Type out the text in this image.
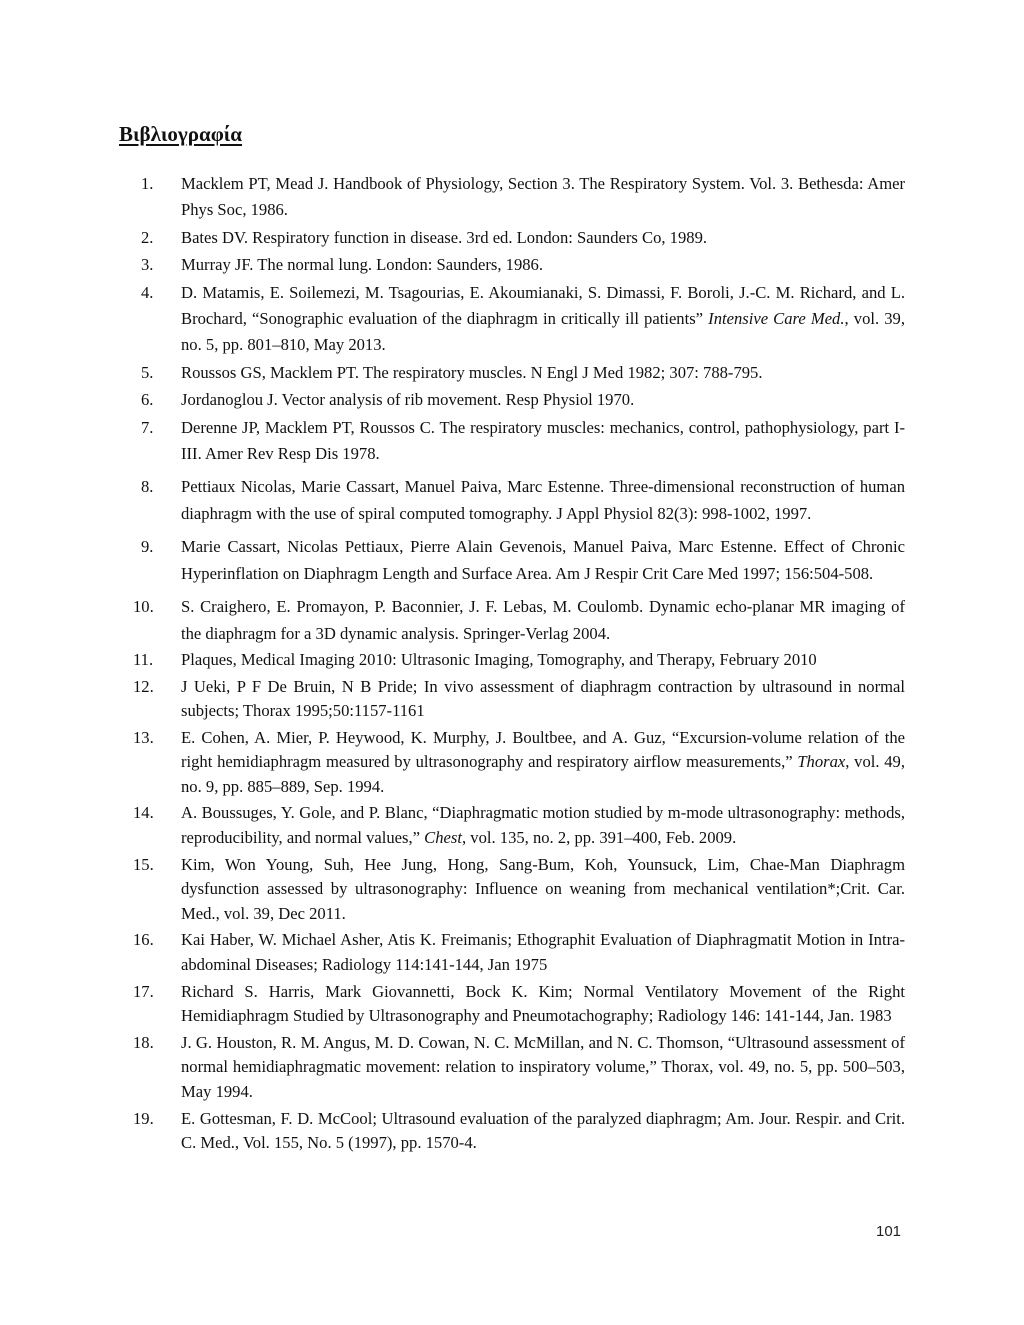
Βιβλιογραφία
1. Macklem PT, Mead J. Handbook of Physiology, Section 3. The Respiratory System. Vol. 3. Bethesda: Amer Phys Soc, 1986.
2. Bates DV. Respiratory function in disease. 3rd ed. London: Saunders Co, 1989.
3. Murray JF. The normal lung. London: Saunders, 1986.
4. D. Matamis, E. Soilemezi, M. Tsagourias, E. Akoumianaki, S. Dimassi, F. Boroli, J.-C. M. Richard, and L. Brochard, “Sonographic evaluation of the diaphragm in critically ill patients” Intensive Care Med., vol. 39, no. 5, pp. 801–810, May 2013.
5. Roussos GS, Macklem PT. The respiratory muscles. N Engl J Med 1982; 307: 788-795.
6. Jordanoglou J. Vector analysis of rib movement. Resp Physiol 1970.
7. Derenne JP, Macklem PT, Roussos C. The respiratory muscles: mechanics, control, pathophysiology, part I-III. Amer Rev Resp Dis 1978.
8. Pettiaux Nicolas, Marie Cassart, Manuel Paiva, Marc Estenne. Three-dimensional reconstruction of human diaphragm with the use of spiral computed tomography. J Appl Physiol 82(3): 998-1002, 1997.
9. Marie Cassart, Nicolas Pettiaux, Pierre Alain Gevenois, Manuel Paiva, Marc Estenne. Effect of Chronic Hyperinflation on Diaphragm Length and Surface Area. Am J Respir Crit Care Med 1997; 156:504-508.
10. S. Craighero, E. Promayon, P. Baconnier, J. F. Lebas, M. Coulomb. Dynamic echo-planar MR imaging of the diaphragm for a 3D dynamic analysis. Springer-Verlag 2004.
11. Plaques, Medical Imaging 2010: Ultrasonic Imaging, Tomography, and Therapy, February 2010
12. J Ueki, P F De Bruin, N B Pride; In vivo assessment of diaphragm contraction by ultrasound in normal subjects; Thorax 1995;50:1157-1161
13. E. Cohen, A. Mier, P. Heywood, K. Murphy, J. Boultbee, and A. Guz, “Excursion-volume relation of the right hemidiaphragm measured by ultrasonography and respiratory airflow measurements,” Thorax, vol. 49, no. 9, pp. 885–889, Sep. 1994.
14. A. Boussuges, Y. Gole, and P. Blanc, “Diaphragmatic motion studied by m-mode ultrasonography: methods, reproducibility, and normal values,” Chest, vol. 135, no. 2, pp. 391–400, Feb. 2009.
15. Kim, Won Young, Suh, Hee Jung, Hong, Sang-Bum, Koh, Younsuck, Lim, Chae-Man Diaphragm dysfunction assessed by ultrasonography: Influence on weaning from mechanical ventilation*;Crit. Car. Med., vol. 39, Dec 2011.
16. Kai Haber, W. Michael Asher, Atis K. Freimanis; Ethographit Evaluation of Diaphragmatit Motion in Intra-abdominal Diseases; Radiology 114:141-144, Jan 1975
17. Richard S. Harris, Mark Giovannetti, Bock K. Kim; Normal Ventilatory Movement of the Right Hemidiaphragm Studied by Ultrasonography and Pneumotachography; Radiology 146: 141-144, Jan. 1983
18. J. G. Houston, R. M. Angus, M. D. Cowan, N. C. McMillan, and N. C. Thomson, “Ultrasound assessment of normal hemidiaphragmatic movement: relation to inspiratory volume,” Thorax, vol. 49, no. 5, pp. 500–503, May 1994.
19. E. Gottesman, F. D. McCool; Ultrasound evaluation of the paralyzed diaphragm; Am. Jour. Respir. and Crit. C. Med., Vol. 155, No. 5 (1997), pp. 1570-4.
101
